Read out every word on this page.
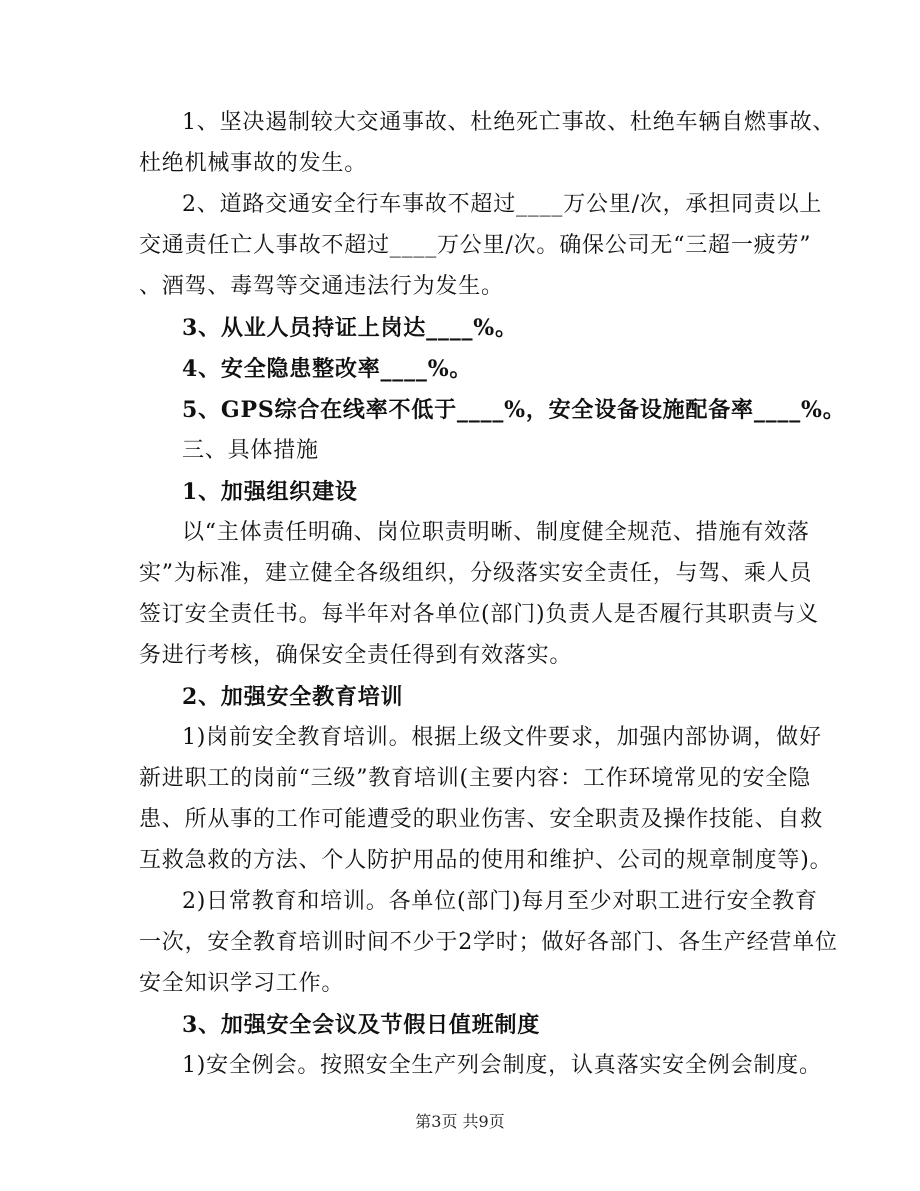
1、坚决遏制较大交通事故、杜绝死亡事故、杜绝车辆自燃事故、
杜绝机械事故的发生。
2、道路交通安全行车事故不超过____万公里/次，承担同责以上
交通责任亡人事故不超过____万公里/次。确保公司无“三超一疲劳”
、酒驾、毒驾等交通违法行为发生。
3、从业人员持证上岗达____%。
4、安全隐患整改率____%。
5、GPS综合在线率不低于____%，安全设备设施配备率____%。
三、具体措施
1、加强组织建设
以“主体责任明确、岗位职责明晰、制度健全规范、措施有效落
实”为标准，建立健全各级组织，分级落实安全责任，与驾、乘人员
签订安全责任书。每半年对各单位(部门)负责人是否履行其职责与义
务进行考核，确保安全责任得到有效落实。
2、加强安全教育培训
1)岗前安全教育培训。根据上级文件要求，加强内部协调，做好
新进职工的岗前“三级”教育培训(主要内容：工作环境常见的安全隐
患、所从事的工作可能遭受的职业伤害、安全职责及操作技能、自救
互救急救的方法、个人防护用品的使用和维护、公司的规章制度等)。
2)日常教育和培训。各单位(部门)每月至少对职工进行安全教育
一次，安全教育培训时间不少于2学时；做好各部门、各生产经营单位
安全知识学习工作。
3、加强安全会议及节假日值班制度
1)安全例会。按照安全生产列会制度，认真落实安全例会制度。
第3页 共9页
